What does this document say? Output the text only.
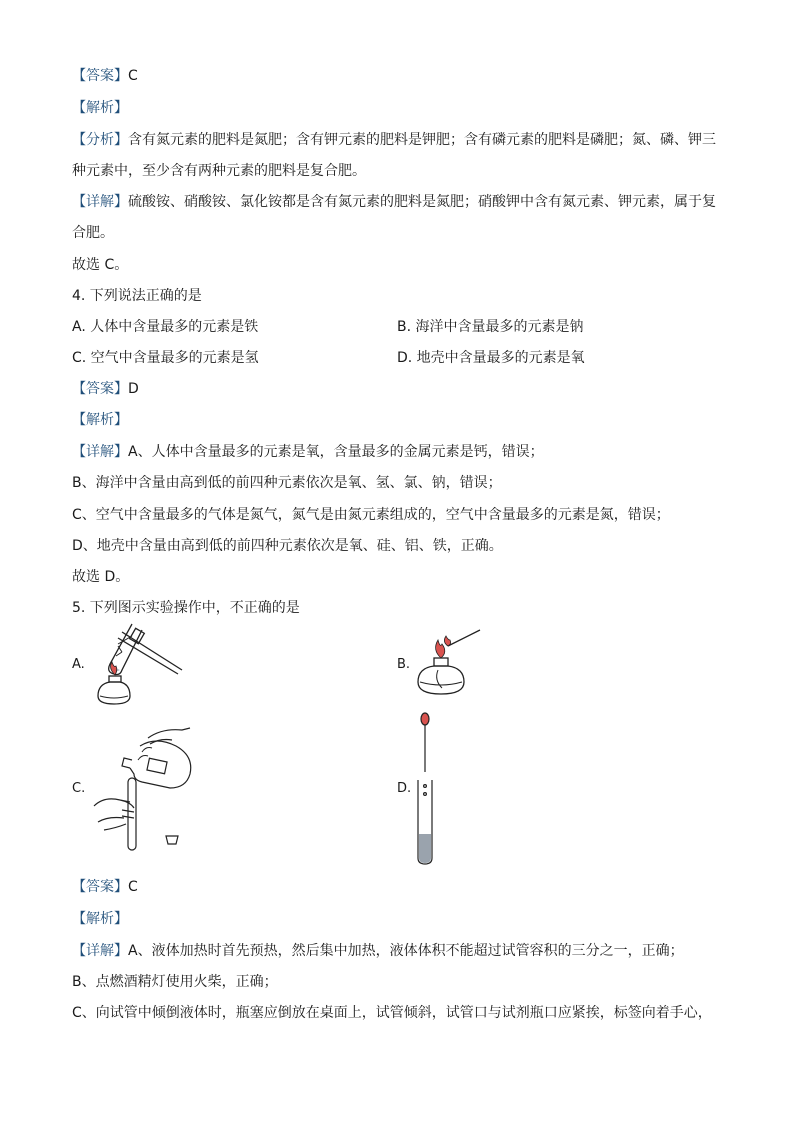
【答案】C
【解析】
【分析】含有氮元素的肥料是氮肥；含有钾元素的肥料是钾肥；含有磷元素的肥料是磷肥；氮、磷、钾三
种元素中，至少含有两种元素的肥料是复合肥。
【详解】硫酸铵、硝酸铵、氯化铵都是含有氮元素的肥料是氮肥；硝酸钾中含有氮元素、钾元素，属于复
合肥。
故选 C。
4. 下列说法正确的是
A. 人体中含量最多的元素是铁	B. 海洋中含量最多的元素是钠
C. 空气中含量最多的元素是氢	D. 地壳中含量最多的元素是氧
【答案】D
【解析】
【详解】A、人体中含量最多的元素是氧，含量最多的金属元素是钙，错误；
B、海洋中含量由高到低的前四种元素依次是氧、氢、氯、钠，错误；
C、空气中含量最多的气体是氮气，氮气是由氮元素组成的，空气中含量最多的元素是氮，错误；
D、地壳中含量由高到低的前四种元素依次是氧、硅、铝、铁，正确。
故选 D。
5. 下列图示实验操作中，不正确的是
A.	B.
C.	D.
【答案】C
【解析】
【详解】A、液体加热时首先预热，然后集中加热，液体体积不能超过试管容积的三分之一，正确；
B、点燃酒精灯使用火柴，正确；
C、向试管中倾倒液体时，瓶塞应倒放在桌面上，试管倾斜，试管口与试剂瓶口应紧挨，标签向着手心，
